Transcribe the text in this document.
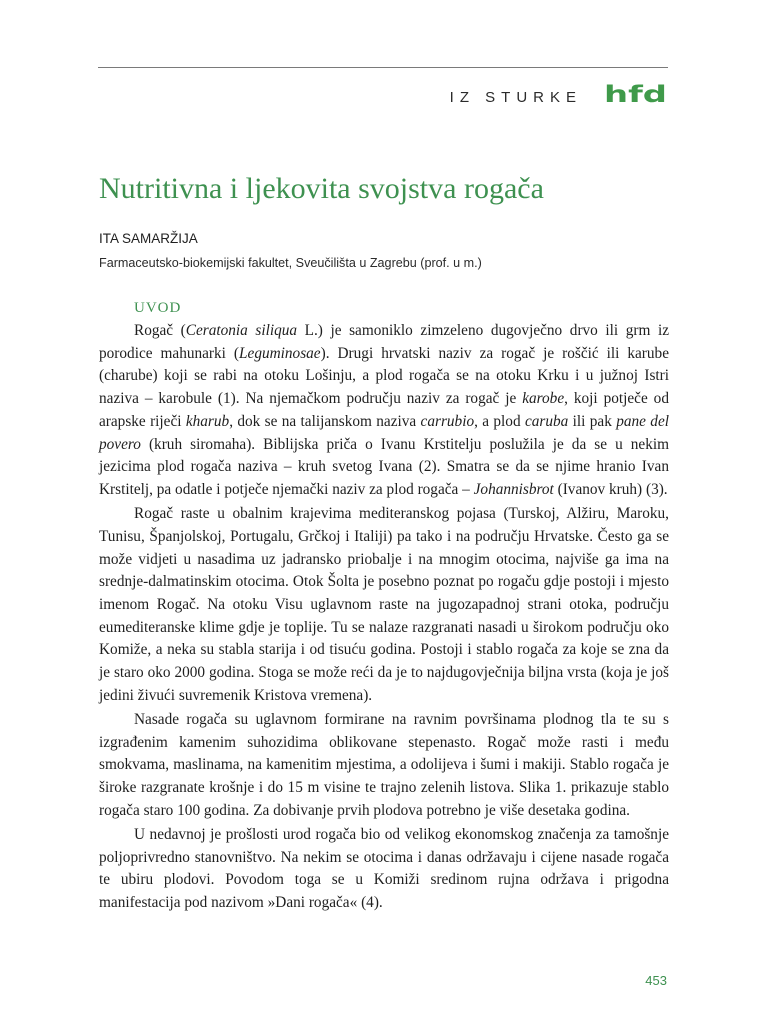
IZ STURKE hfd
Nutritivna i ljekovita svojstva rogača
ITA SAMARŽIJA
Farmaceutsko-biokemijski fakultet, Sveučilišta u Zagrebu (prof. u m.)
UVOD

Rogač (Ceratonia siliqua L.) je samoniklo zimzeleno dugovječno drvo ili grm iz porodice mahunarki (Leguminosae). Drugi hrvatski naziv za rogač je roščić ili karube (charube) koji se rabi na otoku Lošinju, a plod rogača se na otoku Krku i u južnoj Istri naziva – karobule (1). Na njemačkom području naziv za rogač je karobe, koji potječe od arapske riječi kharub, dok se na talijanskom naziva carrubio, a plod caruba ili pak pane del povero (kruh siromaha). Biblijska priča o Ivanu Krstitelju poslužila je da se u nekim jezicima plod rogača naziva – kruh svetog Ivana (2). Smatra se da se njime hranio Ivan Krstitelj, pa odatle i potječe njemački naziv za plod rogača – Johannisbrot (Ivanov kruh) (3).

Rogač raste u obalnim krajevima mediteranskog pojasa (Turskoj, Alžiru, Maroku, Tunisu, Španjolskoj, Portugalu, Grčkoj i Italiji) pa tako i na području Hrvatske. Često ga se može vidjeti u nasadima uz jadransko priobalje i na mnogim otocima, najviše ga ima na srednje-dalmatinskim otocima. Otok Šolta je posebno poznat po rogaču gdje postoji i mjesto imenom Rogač. Na otoku Visu uglavnom raste na jugozapadnoj strani otoka, području eumediteranske klime gdje je toplije. Tu se nalaze razgranati nasadi u širokom području oko Komiže, a neka su stabla starija i od tisuću godina. Postoji i stablo rogača za koje se zna da je staro oko 2000 godina. Stoga se može reći da je to najdugovječnija biljna vrsta (koja je još jedini živući suvremenik Kristova vremena).

Nasade rogača su uglavnom formirane na ravnim površinama plodnog tla te su s izgrađenim kamenim suhozidima oblikovane stepenasto. Rogač može rasti i među smokvama, maslinama, na kamenitim mjestima, a odolijeva i šumi i makiji. Stablo rogača je široke razgranate krošnje i do 15 m visine te trajno zelenih listova. Slika 1. prikazuje stablo rogača staro 100 godina. Za dobivanje prvih plodova potrebno je više desetaka godina.

U nedavnoj je prošlosti urod rogača bio od velikog ekonomskog značenja za tamošnje poljoprivredno stanovništvo. Na nekim se otocima i danas održavaju i cijene nasade rogača te ubiru plodovi. Povodom toga se u Komiži sredinom rujna održava i prigodna manifestacija pod nazivom »Dani rogača« (4).

453
